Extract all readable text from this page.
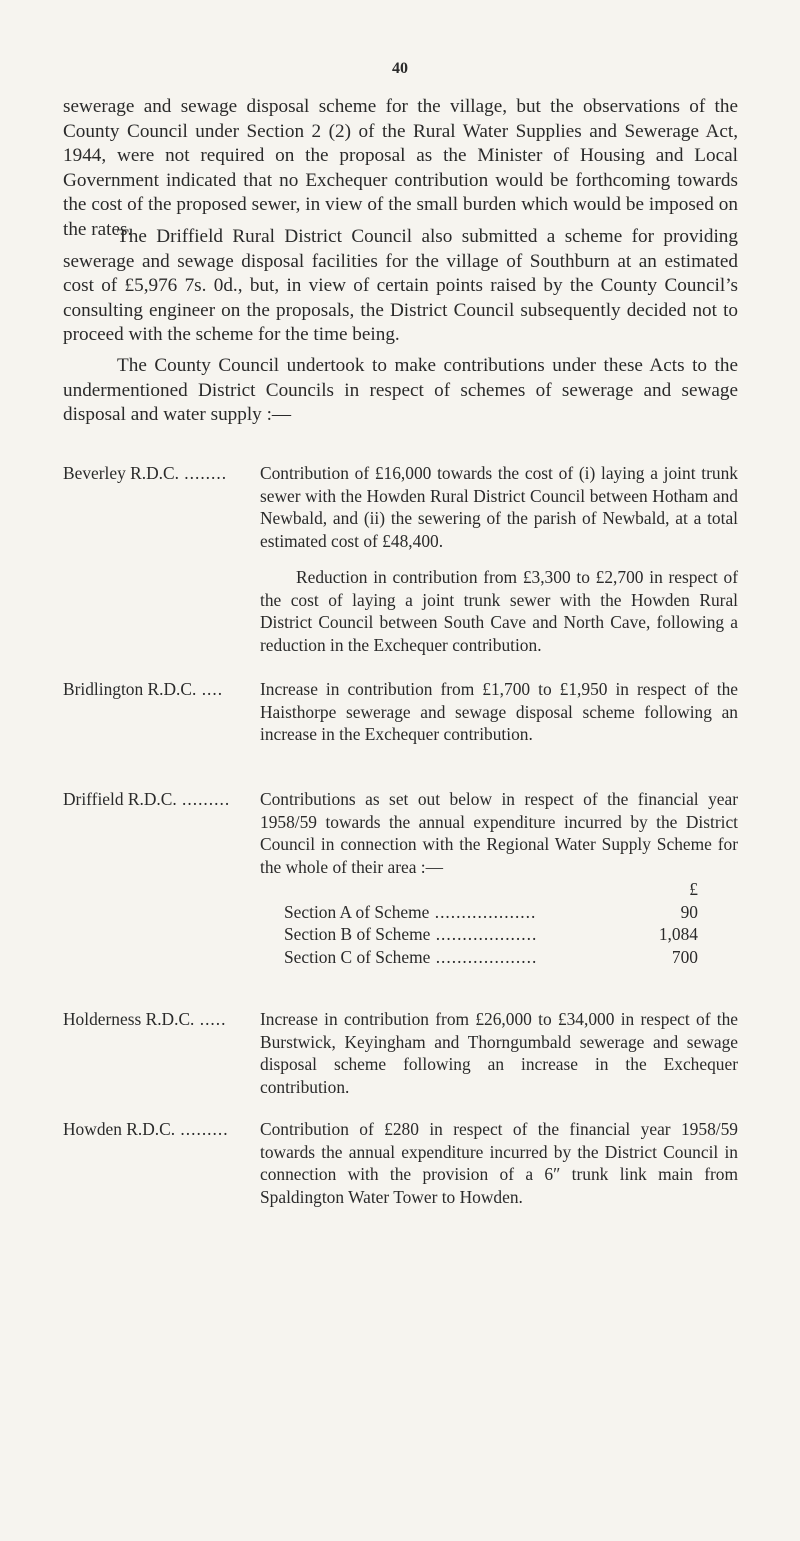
40

sewerage and sewage disposal scheme for the village, but the observations of the County Council under Section 2 (2) of the Rural Water Supplies and Sewerage Act, 1944, were not required on the proposal as the Minister of Housing and Local Government indicated that no Exchequer contribution would be forthcoming towards the cost of the proposed sewer, in view of the small burden which would be imposed on the rates.

The Driffield Rural District Council also submitted a scheme for providing sewerage and sewage disposal facilities for the village of Southburn at an estimated cost of £5,976 7s. 0d., but, in view of certain points raised by the County Council’s consulting engineer on the proposals, the District Council subsequently decided not to proceed with the scheme for the time being.

The County Council undertook to make contributions under these Acts to the undermentioned District Councils in respect of schemes of sewerage and sewage disposal and water supply :—

Beverley R.D.C. ........	Contribution of £16,000 towards the cost of (i) laying a joint trunk sewer with the Howden Rural District Council between Hotham and Newbald, and (ii) the sewering of the parish of Newbald, at a total estimated cost of £48,400.

Reduction in contribution from £3,300 to £2,700 in respect of the cost of laying a joint trunk sewer with the Howden Rural District Council between South Cave and North Cave, following a reduction in the Exchequer contribution.

Bridlington R.D.C. ....	Increase in contribution from £1,700 to £1,950 in respect of the Haisthorpe sewerage and sewage disposal scheme following an increase in the Exchequer contribution.

Driffield R.D.C. .........	Contributions as set out below in respect of the financial year 1958/59 towards the annual expenditure incurred by the District Council in connection with the Regional Water Supply Scheme for the whole of their area :—

£
Section A of Scheme ...................	90
Section B of Scheme ...................	1,084
Section C of Scheme ...................	700
Holderness R.D.C. .....	Increase in contribution from £26,000 to £34,000 in respect of the Burstwick, Keyingham and Thorngumbald sewerage and sewage disposal scheme following an increase in the Exchequer contribution.

Howden R.D.C. .........	Contribution of £280 in respect of the financial year 1958/59 towards the annual expenditure incurred by the District Council in connection with the provision of a 6″ trunk link main from Spaldington Water Tower to Howden.
